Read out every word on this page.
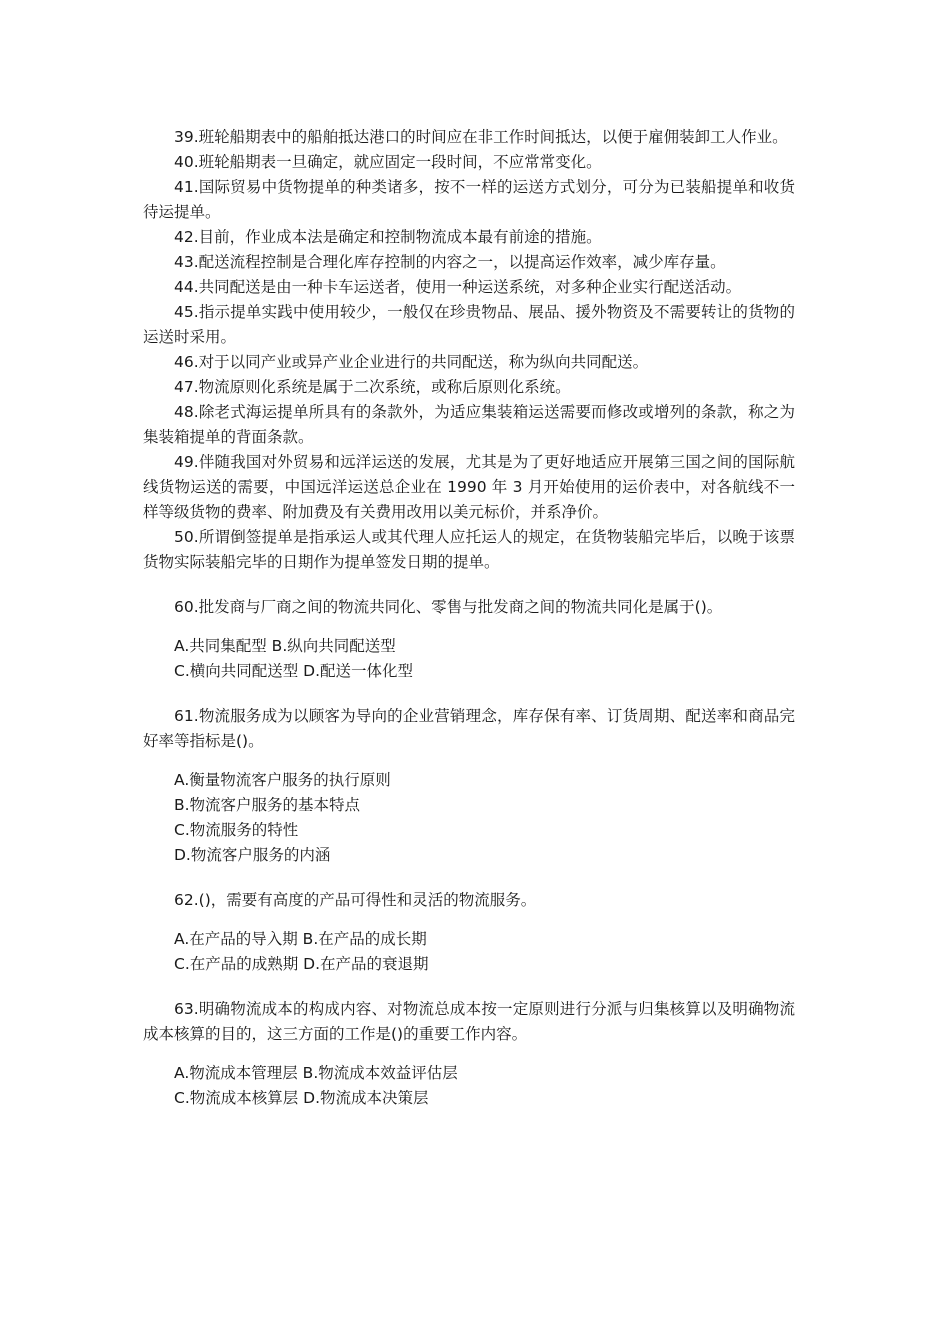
39.班轮船期表中的船舶抵达港口的时间应在非工作时间抵达，以便于雇佣装卸工人作业。

40.班轮船期表一旦确定，就应固定一段时间，不应常常变化。

41.国际贸易中货物提单的种类诸多，按不一样的运送方式划分，可分为已装船提单和收货待运提单。

42.目前，作业成本法是确定和控制物流成本最有前途的措施。

43.配送流程控制是合理化库存控制的内容之一，以提高运作效率，减少库存量。

44.共同配送是由一种卡车运送者，使用一种运送系统，对多种企业实行配送活动。

45.指示提单实践中使用较少，一般仅在珍贵物品、展品、援外物资及不需要转让的货物的运送时采用。

46.对于以同产业或异产业企业进行的共同配送，称为纵向共同配送。

47.物流原则化系统是属于二次系统，或称后原则化系统。

48.除老式海运提单所具有的条款外，为适应集装箱运送需要而修改或增列的条款，称之为集装箱提单的背面条款。

49.伴随我国对外贸易和远洋运送的发展，尤其是为了更好地适应开展第三国之间的国际航线货物运送的需要，中国远洋运送总企业在 1990 年 3 月开始使用的运价表中，对各航线不一样等级货物的费率、附加费及有关费用改用以美元标价，并系净价。

50.所谓倒签提单是指承运人或其代理人应托运人的规定，在货物装船完毕后，以晚于该票货物实际装船完毕的日期作为提单签发日期的提单。

60.批发商与厂商之间的物流共同化、零售与批发商之间的物流共同化是属于()。

A.共同集配型 B.纵向共同配送型

C.横向共同配送型 D.配送一体化型

61.物流服务成为以顾客为导向的企业营销理念，库存保有率、订货周期、配送率和商品完好率等指标是()。

A.衡量物流客户服务的执行原则

B.物流客户服务的基本特点

C.物流服务的特性

D.物流客户服务的内涵

62.()，需要有高度的产品可得性和灵活的物流服务。

A.在产品的导入期 B.在产品的成长期

C.在产品的成熟期 D.在产品的衰退期

63.明确物流成本的构成内容、对物流总成本按一定原则进行分派与归集核算以及明确物流成本核算的目的，这三方面的工作是()的重要工作内容。

A.物流成本管理层 B.物流成本效益评估层

C.物流成本核算层 D.物流成本决策层
